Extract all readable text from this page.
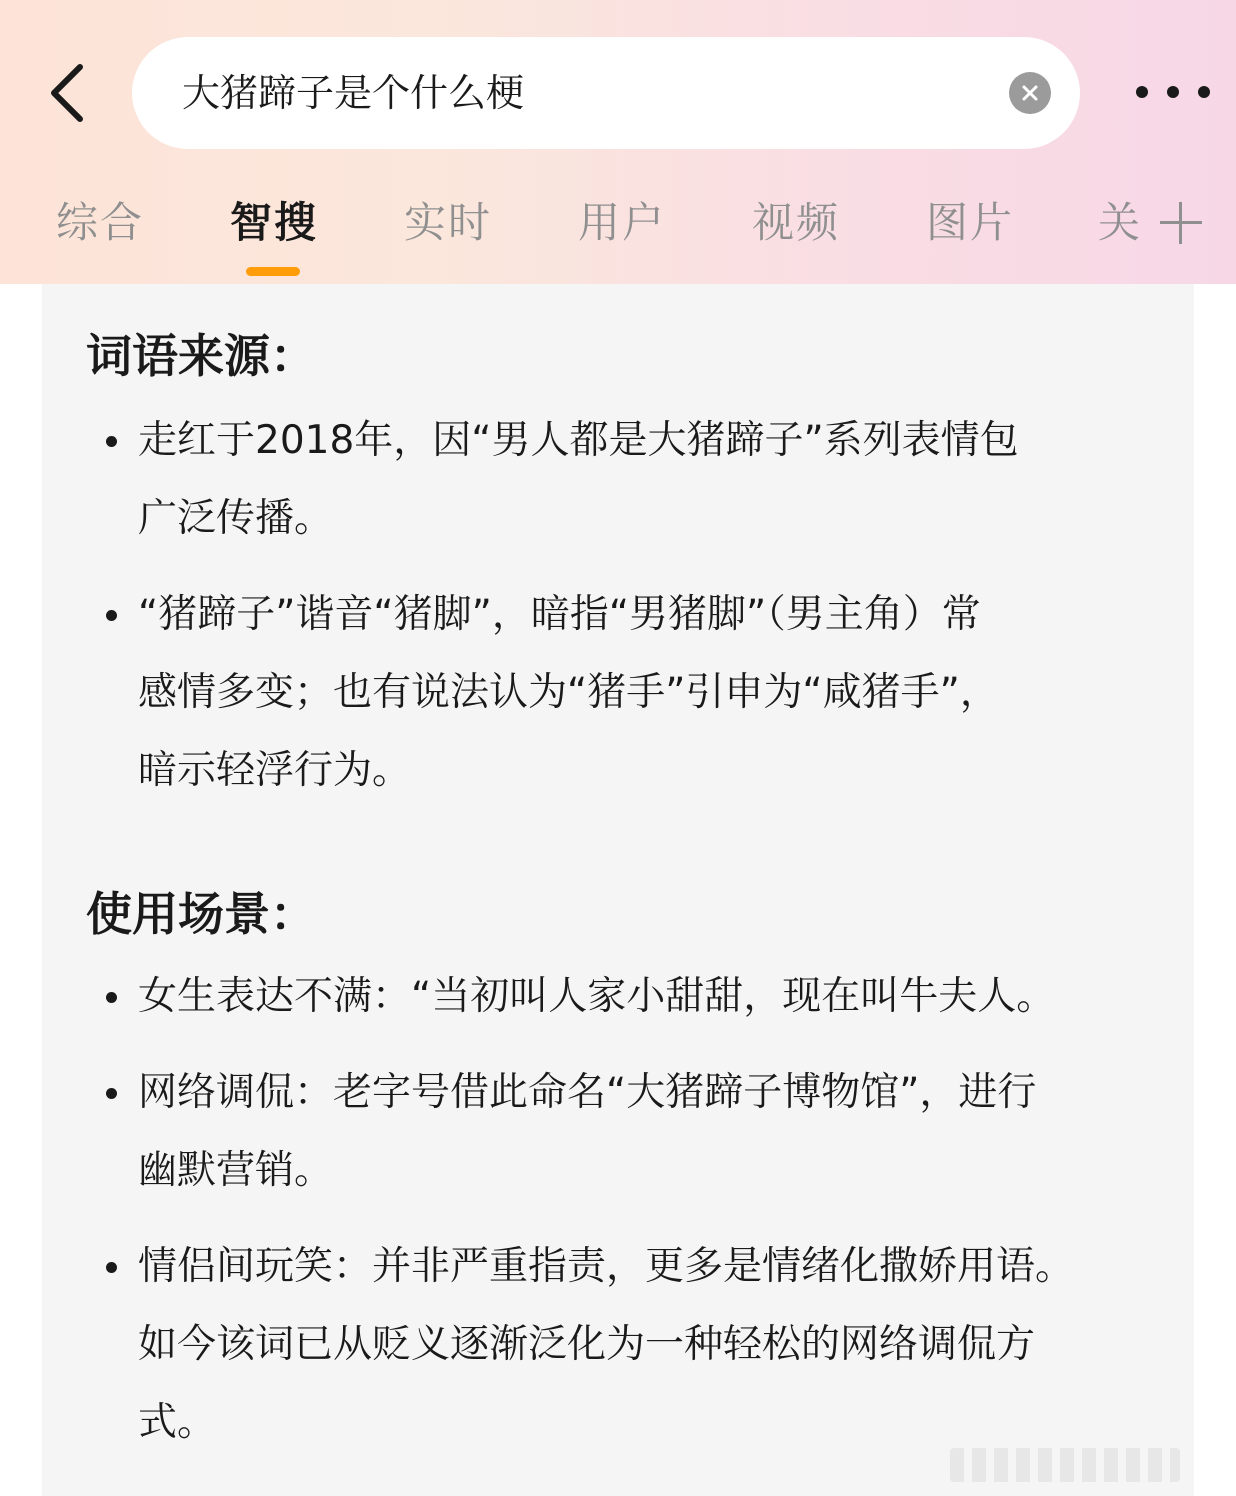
大猪蹄子是个什么梗
综合 智搜 实时 用户 视频 图片 关
词语来源：
走红于2018年，因“男人都是大猪蹄子”系列表情包
广泛传播。
“猪蹄子”谐音“猪脚”，暗指“男猪脚”（男主角）常
感情多变；也有说法认为“猪手”引申为“咸猪手”，
暗示轻浮行为。
使用场景：
女生表达不满：“当初叫人家小甜甜，现在叫牛夫人。
网络调侃：老字号借此命名“大猪蹄子博物馆”，进行
幽默营销。
情侣间玩笑：并非严重指责，更多是情绪化撒娇用语。
如今该词已从贬义逐渐泛化为一种轻松的网络调侃方
式。
